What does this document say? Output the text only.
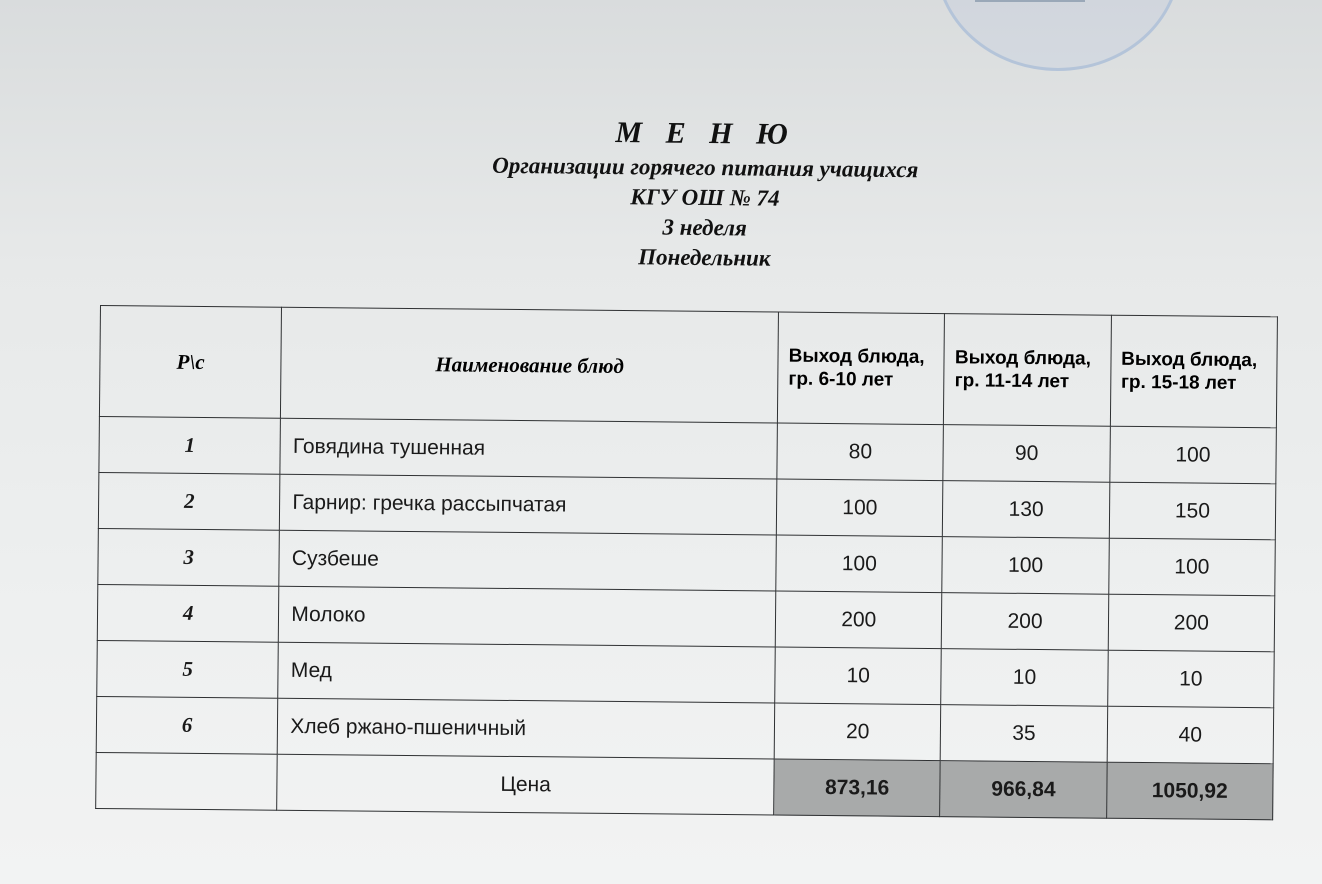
М Е Н Ю
Организации горячего питания учащихся
КГУ ОШ № 74
3 неделя
Понедельник
Р\с	Наименование блюд	Выход блюда, гр. 6-10 лет	Выход блюда, гр. 11-14 лет	Выход блюда, гр. 15-18 лет
1	Говядина тушенная	80	90	100
2	Гарнир: гречка рассыпчатая	100	130	150
3	Сузбеше	100	100	100
4	Молоко	200	200	200
5	Мед	10	10	10
6	Хлеб ржано-пшеничный	20	35	40
	Цена	873,16	966,84	1050,92
